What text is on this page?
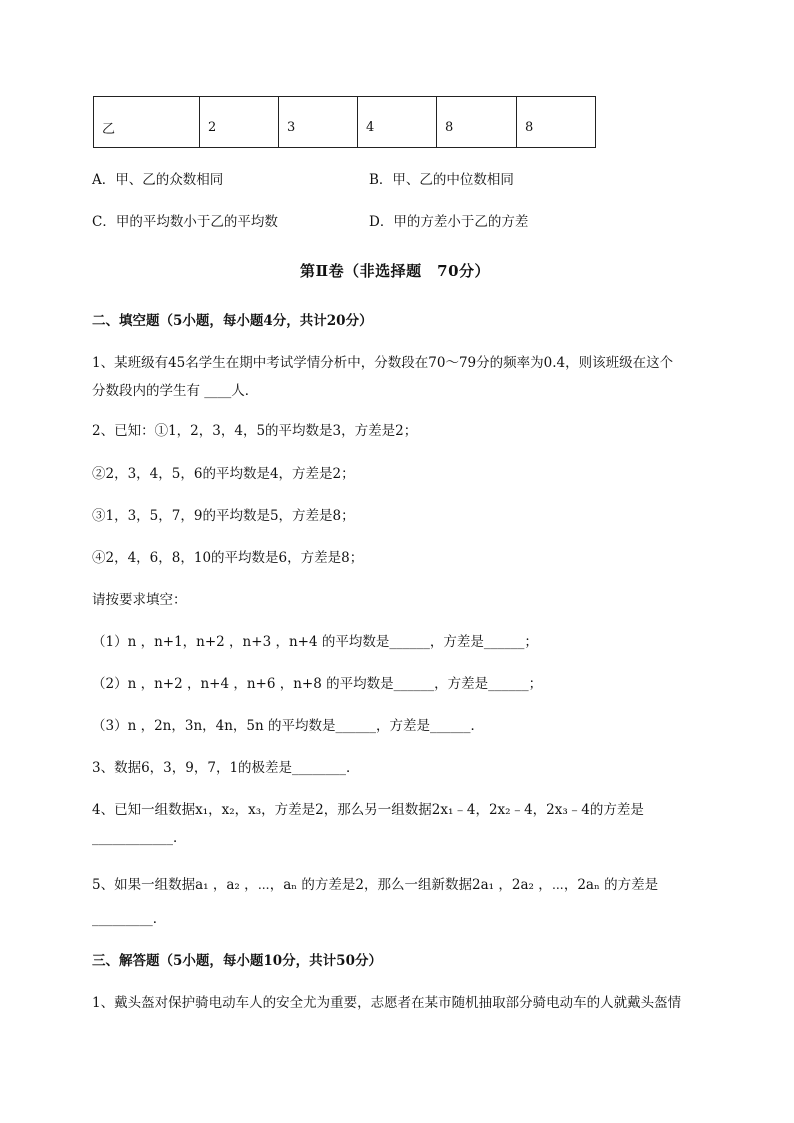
乙	2	3	4	8	8
A．甲、乙的众数相同	B．甲、乙的中位数相同
C．甲的平均数小于乙的平均数	D．甲的方差小于乙的方差
第Ⅱ卷（非选择题　70分）
二、填空题（5小题，每小题4分，共计20分）
1、某班级有45名学生在期中考试学情分析中，分数段在70～79分的频率为0.4，则该班级在这个
分数段内的学生有 ____人．
2、已知：①1，2，3，4，5的平均数是3，方差是2；
②2，3，4，5，6的平均数是4，方差是2；
③1，3，5，7，9的平均数是5，方差是8；
④2，4，6，8，10的平均数是6，方差是8；
请按要求填空：
（1）n ，n+1，n+2 ，n+3 ，n+4 的平均数是______，方差是______；
（2）n ，n+2 ，n+4 ，n+6 ，n+8 的平均数是______，方差是______；
（3）n ，2n，3n，4n，5n 的平均数是______，方差是______．
3、数据6，3，9，7，1的极差是________．
4、已知一组数据x₁，x₂，x₃，方差是2，那么另一组数据2x₁﹣4，2x₂﹣4，2x₃﹣4的方差是
____________．
5、如果一组数据a₁ ，a₂ ，⋯，aₙ 的方差是2，那么一组新数据2a₁ ，2a₂ ，⋯，2aₙ 的方差是
_________．
三、解答题（5小题，每小题10分，共计50分）
1、戴头盔对保护骑电动车人的安全尤为重要，志愿者在某市随机抽取部分骑电动车的人就戴头盔情
